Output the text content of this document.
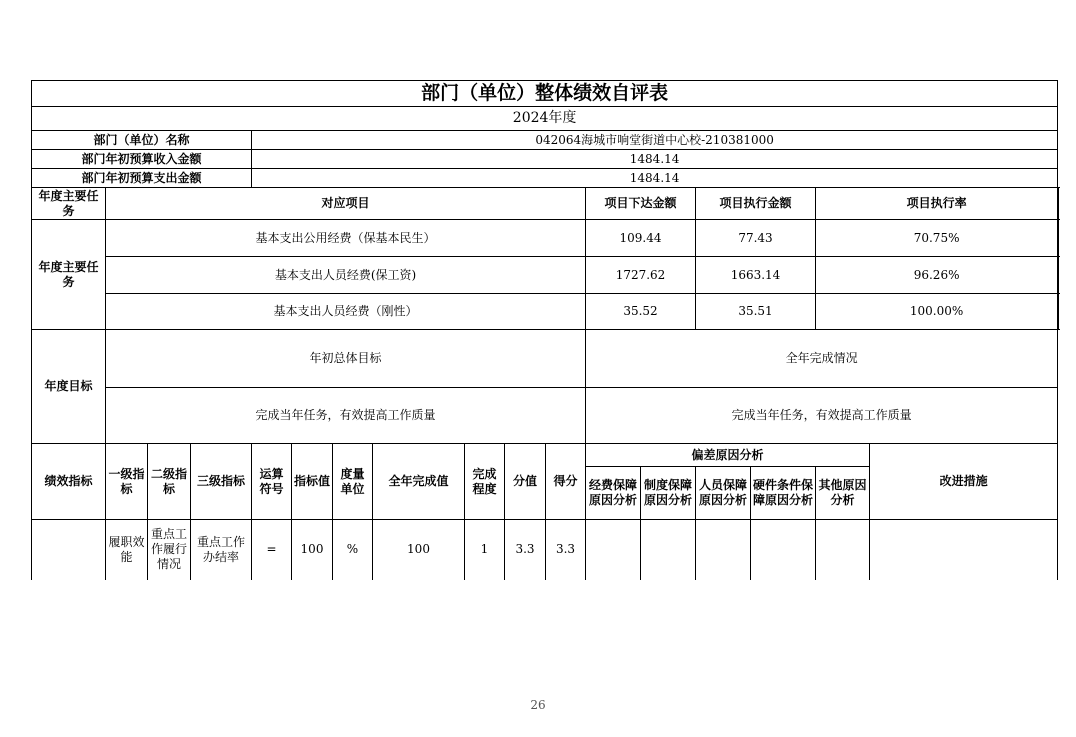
部门（单位）整体绩效自评表																	
2024年度																	
部门（单位）名称				042064海城市响堂街道中心校-210381000													
部门年初预算收入金额				1484.14													
部门年初预算支出金额				1484.14													
年度主要任务	对应项目										项目下达金额		项目执行金额		项目执行率		
年度主要任务	基本支出公用经费（保基本民生）										109.44		77.43		70.75%		
	基本支出人员经费(保工资)										1727.62		1663.14		96.26%		
	基本支出人员经费（刚性）										35.52		35.51		100.00%		
年度目标	年初总体目标										全年完成情况						
	完成当年任务，有效提高工作质量										完成当年任务，有效提高工作质量						
绩效指标	一级指标	二级指标	三级指标	运算符号	指标值	度量单位	全年完成值	完成程度	分值	得分	偏差原因分析					改进措施	
											经费保障原因分析	制度保障原因分析	人员保障原因分析	硬件条件保障原因分析	其他原因分析		
	履职效能	重点工作履行情况	重点工作办结率	=	100	%	100	1	3.3	3.3							
26
